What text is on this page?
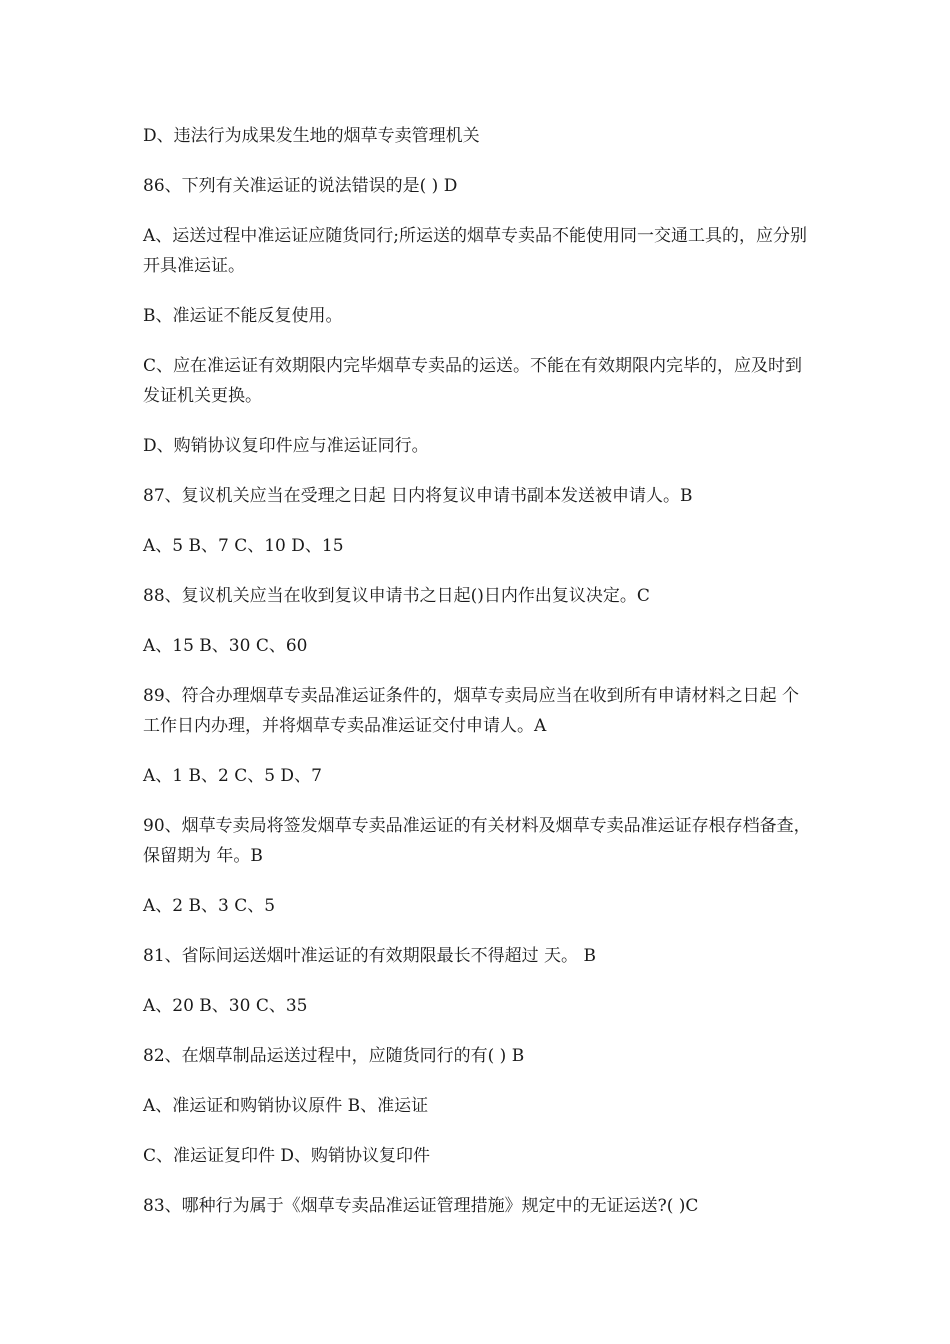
D、违法行为成果发生地的烟草专卖管理机关

86、下列有关准运证的说法错误的是( ) D

A、运送过程中准运证应随货同行;所运送的烟草专卖品不能使用同一交通工具的，应分别开具准运证。

B、准运证不能反复使用。

C、应在准运证有效期限内完毕烟草专卖品的运送。不能在有效期限内完毕的，应及时到发证机关更换。

D、购销协议复印件应与准运证同行。

87、复议机关应当在受理之日起 日内将复议申请书副本发送被申请人。B

A、5 B、7 C、10 D、15

88、复议机关应当在收到复议申请书之日起()日内作出复议决定。C

A、15 B、30 C、60

89、符合办理烟草专卖品准运证条件的，烟草专卖局应当在收到所有申请材料之日起 个工作日内办理，并将烟草专卖品准运证交付申请人。A

A、1 B、2 C、5 D、7

90、烟草专卖局将签发烟草专卖品准运证的有关材料及烟草专卖品准运证存根存档备查，保留期为 年。B

A、2 B、3 C、5

81、省际间运送烟叶准运证的有效期限最长不得超过 天。 B

A、20 B、30 C、35

82、在烟草制品运送过程中，应随货同行的有( ) B

A、准运证和购销协议原件 B、准运证

C、准运证复印件 D、购销协议复印件

83、哪种行为属于《烟草专卖品准运证管理措施》规定中的无证运送?( )C
